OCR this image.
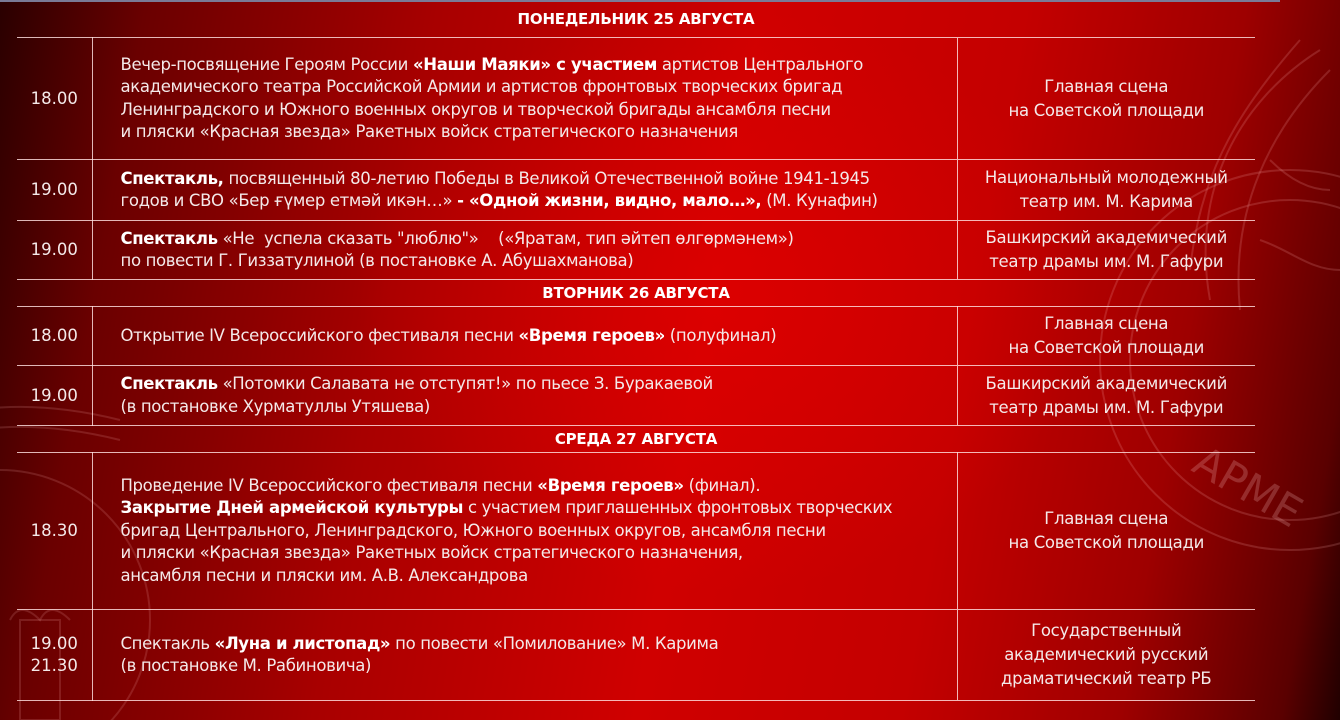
АРМЕ
ПОНЕДЕЛЬНИК 25 АВГУСТА
18.00	Вечер-посвящение Героям России «Наши Маяки» с участием артистов Центрального
академического театра Российской Армии и артистов фронтовых творческих бригад
Ленинградского и Южного военных округов и творческой бригады ансамбля песни
и пляски «Красная звезда» Ракетных войск стратегического назначения	Главная сцена
на Советской площади

19.00	Спектакль, посвященный 80-летию Победы в Великой Отечественной войне 1941-1945
годов и СВО «Бер ғүмер етмәй икән…» - «Одной жизни, видно, мало…», (М. Кунафин)	Национальный молодежный
театр им. М. Карима

19.00	Спектакль «Не  успела сказать "люблю"»    («Яратам, тип әйтеп өлгөрмәнем»)
по повести Г. Гиззатулиной (в постановке А. Абушахманова)	Башкирский академический
театр драмы им. М. Гафури

ВТОРНИК 26 АВГУСТА		
18.00	Открытие IV Всероссийского фестиваля песни «Время героев» (полуфинал)	Главная сцена
на Советской площади

19.00	Спектакль «Потомки Салавата не отступят!» по пьесе З. Буракаевой
(в постановке Хурматуллы Утяшева)	Башкирский академический
театр драмы им. М. Гафури

СРЕДА 27 АВГУСТА		
18.30	Проведение IV Всероссийского фестиваля песни «Время героев» (финал).
Закрытие Дней армейской культуры с участием приглашенных фронтовых творческих
бригад Центрального, Ленинградского, Южного военных округов, ансамбля песни
и пляски «Красная звезда» Ракетных войск стратегического назначения,
ансамбля песни и пляски им. А.В. Александрова	Главная сцена
на Советской площади

19.00
21.30	Спектакль «Луна и листопад» по повести «Помилование» М. Карима
(в постановке М. Рабиновича)	Государственный
академический русский
драматический театр РБ
